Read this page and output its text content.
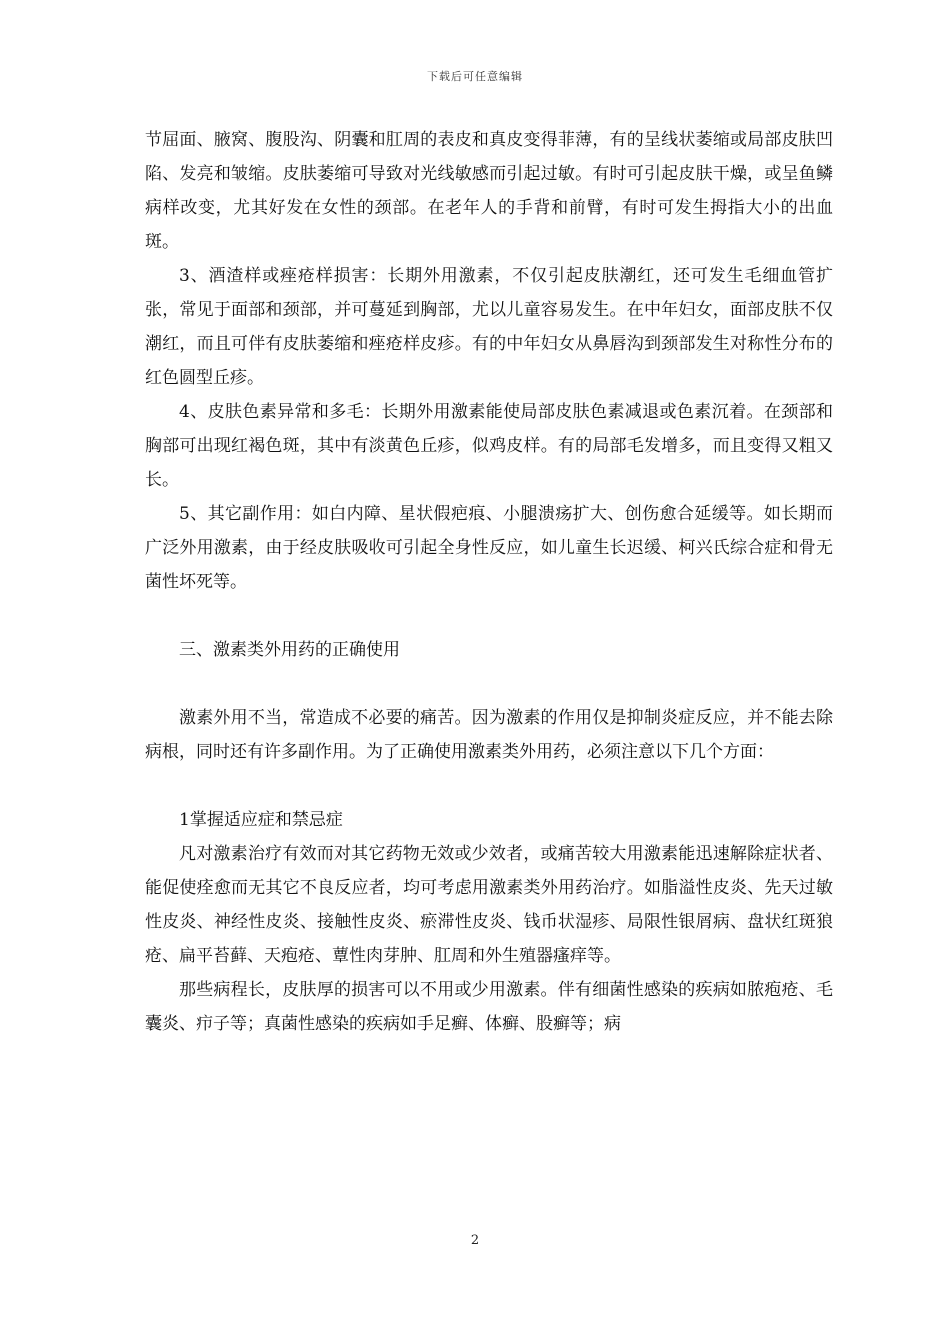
下载后可任意编辑

节屈面、腋窝、腹股沟、阴囊和肛周的表皮和真皮变得菲薄，有的呈线状萎缩或局部皮肤凹陷、发亮和皱缩。皮肤萎缩可导致对光线敏感而引起过敏。有时可引起皮肤干燥，或呈鱼鳞病样改变，尤其好发在女性的颈部。在老年人的手背和前臂，有时可发生拇指大小的出血斑。

3、酒渣样或痤疮样损害：长期外用激素，不仅引起皮肤潮红，还可发生毛细血管扩张，常见于面部和颈部，并可蔓延到胸部，尤以儿童容易发生。在中年妇女，面部皮肤不仅潮红，而且可伴有皮肤萎缩和痤疮样皮疹。有的中年妇女从鼻唇沟到颈部发生对称性分布的红色圆型丘疹。

4、皮肤色素异常和多毛：长期外用激素能使局部皮肤色素减退或色素沉着。在颈部和胸部可出现红褐色斑，其中有淡黄色丘疹，似鸡皮样。有的局部毛发增多，而且变得又粗又长。

5、其它副作用：如白内障、星状假疤痕、小腿溃疡扩大、创伤愈合延缓等。如长期而广泛外用激素，由于经皮肤吸收可引起全身性反应，如儿童生长迟缓、柯兴氏综合症和骨无菌性坏死等。

三、激素类外用药的正确使用

激素外用不当，常造成不必要的痛苦。因为激素的作用仅是抑制炎症反应，并不能去除病根，同时还有许多副作用。为了正确使用激素类外用药，必须注意以下几个方面：

1掌握适应症和禁忌症

凡对激素治疗有效而对其它药物无效或少效者，或痛苦较大用激素能迅速解除症状者、能促使痊愈而无其它不良反应者，均可考虑用激素类外用药治疗。如脂溢性皮炎、先天过敏性皮炎、神经性皮炎、接触性皮炎、瘀滞性皮炎、钱币状湿疹、局限性银屑病、盘状红斑狼疮、扁平苔藓、天疱疮、蕈性肉芽肿、肛周和外生殖器瘙痒等。

那些病程长，皮肤厚的损害可以不用或少用激素。伴有细菌性感染的疾病如脓疱疮、毛囊炎、疖子等；真菌性感染的疾病如手足癣、体癣、股癣等；病

2
